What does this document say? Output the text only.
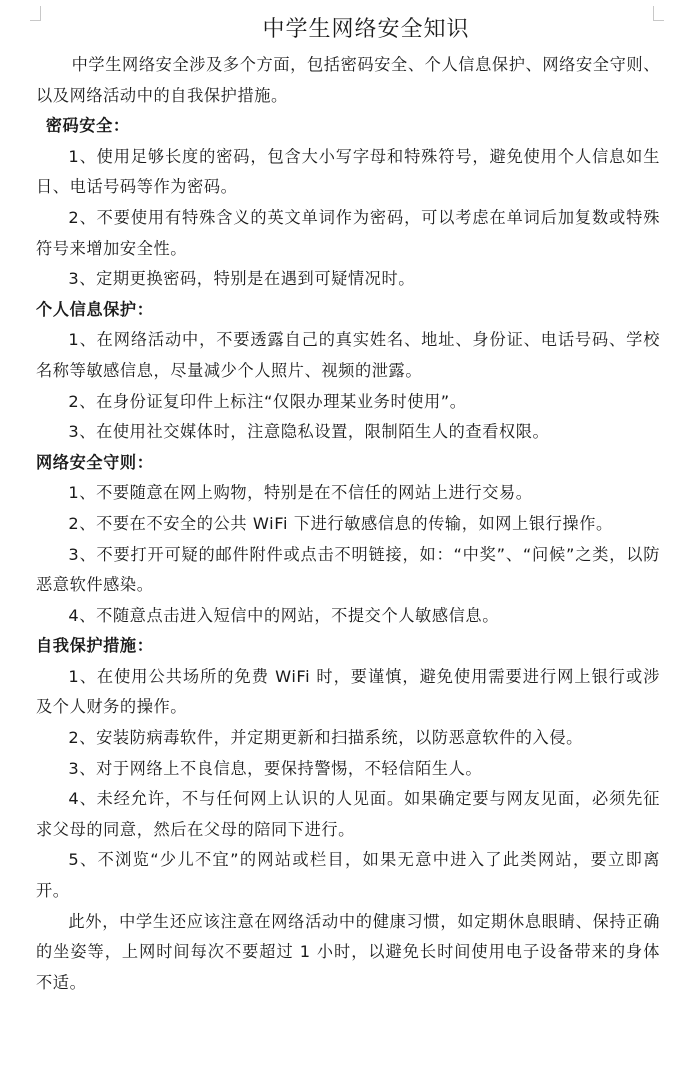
中学生网络安全知识

中学生网络安全涉及多个方面，包括密码安全、个人信息保护、网络安全守则、以及网络活动中的自我保护措施。

密码安全：

1、使用足够长度的密码，包含大小写字母和特殊符号，避免使用个人信息如生日、电话号码等作为密码。

2、不要使用有特殊含义的英文单词作为密码，可以考虑在单词后加复数或特殊符号来增加安全性。

3、定期更换密码，特别是在遇到可疑情况时。

个人信息保护：

1、在网络活动中，不要透露自己的真实姓名、地址、身份证、电话号码、学校名称等敏感信息，尽量减少个人照片、视频的泄露。

2、在身份证复印件上标注“仅限办理某业务时使用”。

3、在使用社交媒体时，注意隐私设置，限制陌生人的查看权限。

网络安全守则：

1、不要随意在网上购物，特别是在不信任的网站上进行交易。

2、不要在不安全的公共 WiFi 下进行敏感信息的传输，如网上银行操作。

3、不要打开可疑的邮件附件或点击不明链接，如：“中奖”、“问候”之类，以防恶意软件感染。

4、不随意点击进入短信中的网站，不提交个人敏感信息。

自我保护措施：

1、在使用公共场所的免费 WiFi 时，要谨慎，避免使用需要进行网上银行或涉及个人财务的操作。

2、安装防病毒软件，并定期更新和扫描系统，以防恶意软件的入侵。

3、对于网络上不良信息，要保持警惕，不轻信陌生人。

4、未经允许，不与任何网上认识的人见面。如果确定要与网友见面，必须先征求父母的同意，然后在父母的陪同下进行。

5、不浏览“少儿不宜”的网站或栏目，如果无意中进入了此类网站，要立即离开。

此外，中学生还应该注意在网络活动中的健康习惯，如定期休息眼睛、保持正确的坐姿等，上网时间每次不要超过 1 小时，以避免长时间使用电子设备带来的身体不适。
